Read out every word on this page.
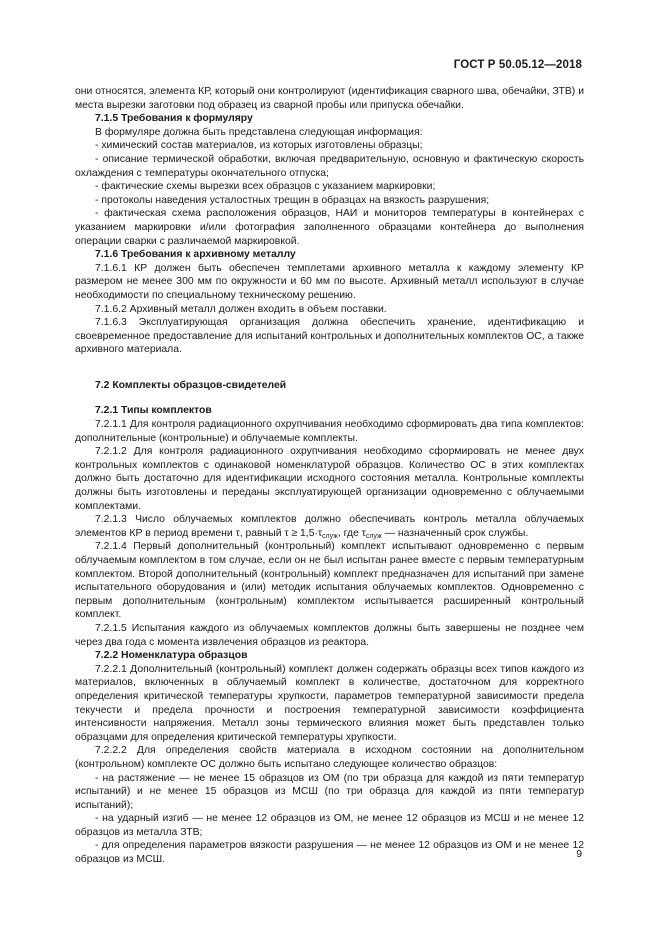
ГОСТ Р 50.05.12—2018

они относятся, элемента КР, который они контролируют (идентификация сварного шва, обечайки, ЗТВ) и места вырезки заготовки под образец из сварной пробы или припуска обечайки.

7.1.5 Требования к формуляру

В формуляре должна быть представлена следующая информация:

- химический состав материалов, из которых изготовлены образцы;

- описание термической обработки, включая предварительную, основную и фактическую скорость охлаждения с температуры окончательного отпуска;

- фактические схемы вырезки всех образцов с указанием маркировки;

- протоколы наведения усталостных трещин в образцах на вязкость разрушения;

- фактическая схема расположения образцов, НАИ и мониторов температуры в контейнерах с указанием маркировки и/или фотография заполненного образцами контейнера до выполнения операции сварки с различаемой маркировкой.

7.1.6 Требования к архивному металлу

7.1.6.1 КР должен быть обеспечен темплетами архивного металла к каждому элементу КР размером не менее 300 мм по окружности и 60 мм по высоте. Архивный металл используют в случае необходимости по специальному техническому решению.

7.1.6.2 Архивный металл должен входить в объем поставки.

7.1.6.3 Эксплуатирующая организация должна обеспечить хранение, идентификацию и своевременное предоставление для испытаний контрольных и дополнительных комплектов ОС, а также архивного материала.

7.2 Комплекты образцов-свидетелей

7.2.1 Типы комплектов

7.2.1.1 Для контроля радиационного охрупчивания необходимо сформировать два типа комплектов: дополнительные (контрольные) и облучаемые комплекты.

7.2.1.2 Для контроля радиационного охрупчивания необходимо сформировать не менее двух контрольных комплектов с одинаковой номенклатурой образцов. Количество ОС в этих комплектах должно быть достаточно для идентификации исходного состояния металла. Контрольные комплекты должны быть изготовлены и переданы эксплуатирующей организации одновременно с облучаемыми комплектами.

7.2.1.3 Число облучаемых комплектов должно обеспечивать контроль металла облучаемых элементов КР в период времени τ, равный $\tau \ge 1,5\cdot\tau_{служ}$, где $\tau_{служ}$ — назначенный срок службы.

7.2.1.4 Первый дополнительный (контрольный) комплект испытывают одновременно с первым облучаемым комплектом в том случае, если он не был испытан ранее вместе с первым температурным комплектом. Второй дополнительный (контрольный) комплект предназначен для испытаний при замене испытательного оборудования и (или) методик испытания облучаемых комплектов. Одновременно с первым дополнительным (контрольным) комплектом испытывается расширенный контрольный комплект.

7.2.1.5 Испытания каждого из облучаемых комплектов должны быть завершены не позднее чем через два года с момента извлечения образцов из реактора.

7.2.2 Номенклатура образцов

7.2.2.1 Дополнительный (контрольный) комплект должен содержать образцы всех типов каждого из материалов, включенных в облучаемый комплект в количестве, достаточном для корректного определения критической температуры хрупкости, параметров температурной зависимости предела текучести и предела прочности и построения температурной зависимости коэффициента интенсивности напряжения. Металл зоны термического влияния может быть представлен только образцами для определения критической температуры хрупкости.

7.2.2.2 Для определения свойств материала в исходном состоянии на дополнительном (контрольном) комплекте ОС должно быть испытано следующее количество образцов:

- на растяжение — не менее 15 образцов из ОМ (по три образца для каждой из пяти температур испытаний) и не менее 15 образцов из МСШ (по три образца для каждой из пяти температур испытаний);

- на ударный изгиб — не менее 12 образцов из ОМ, не менее 12 образцов из МСШ и не менее 12 образцов из металла ЗТВ;

- для определения параметров вязкости разрушения — не менее 12 образцов из ОМ и не менее 12 образцов из МСШ.	9
